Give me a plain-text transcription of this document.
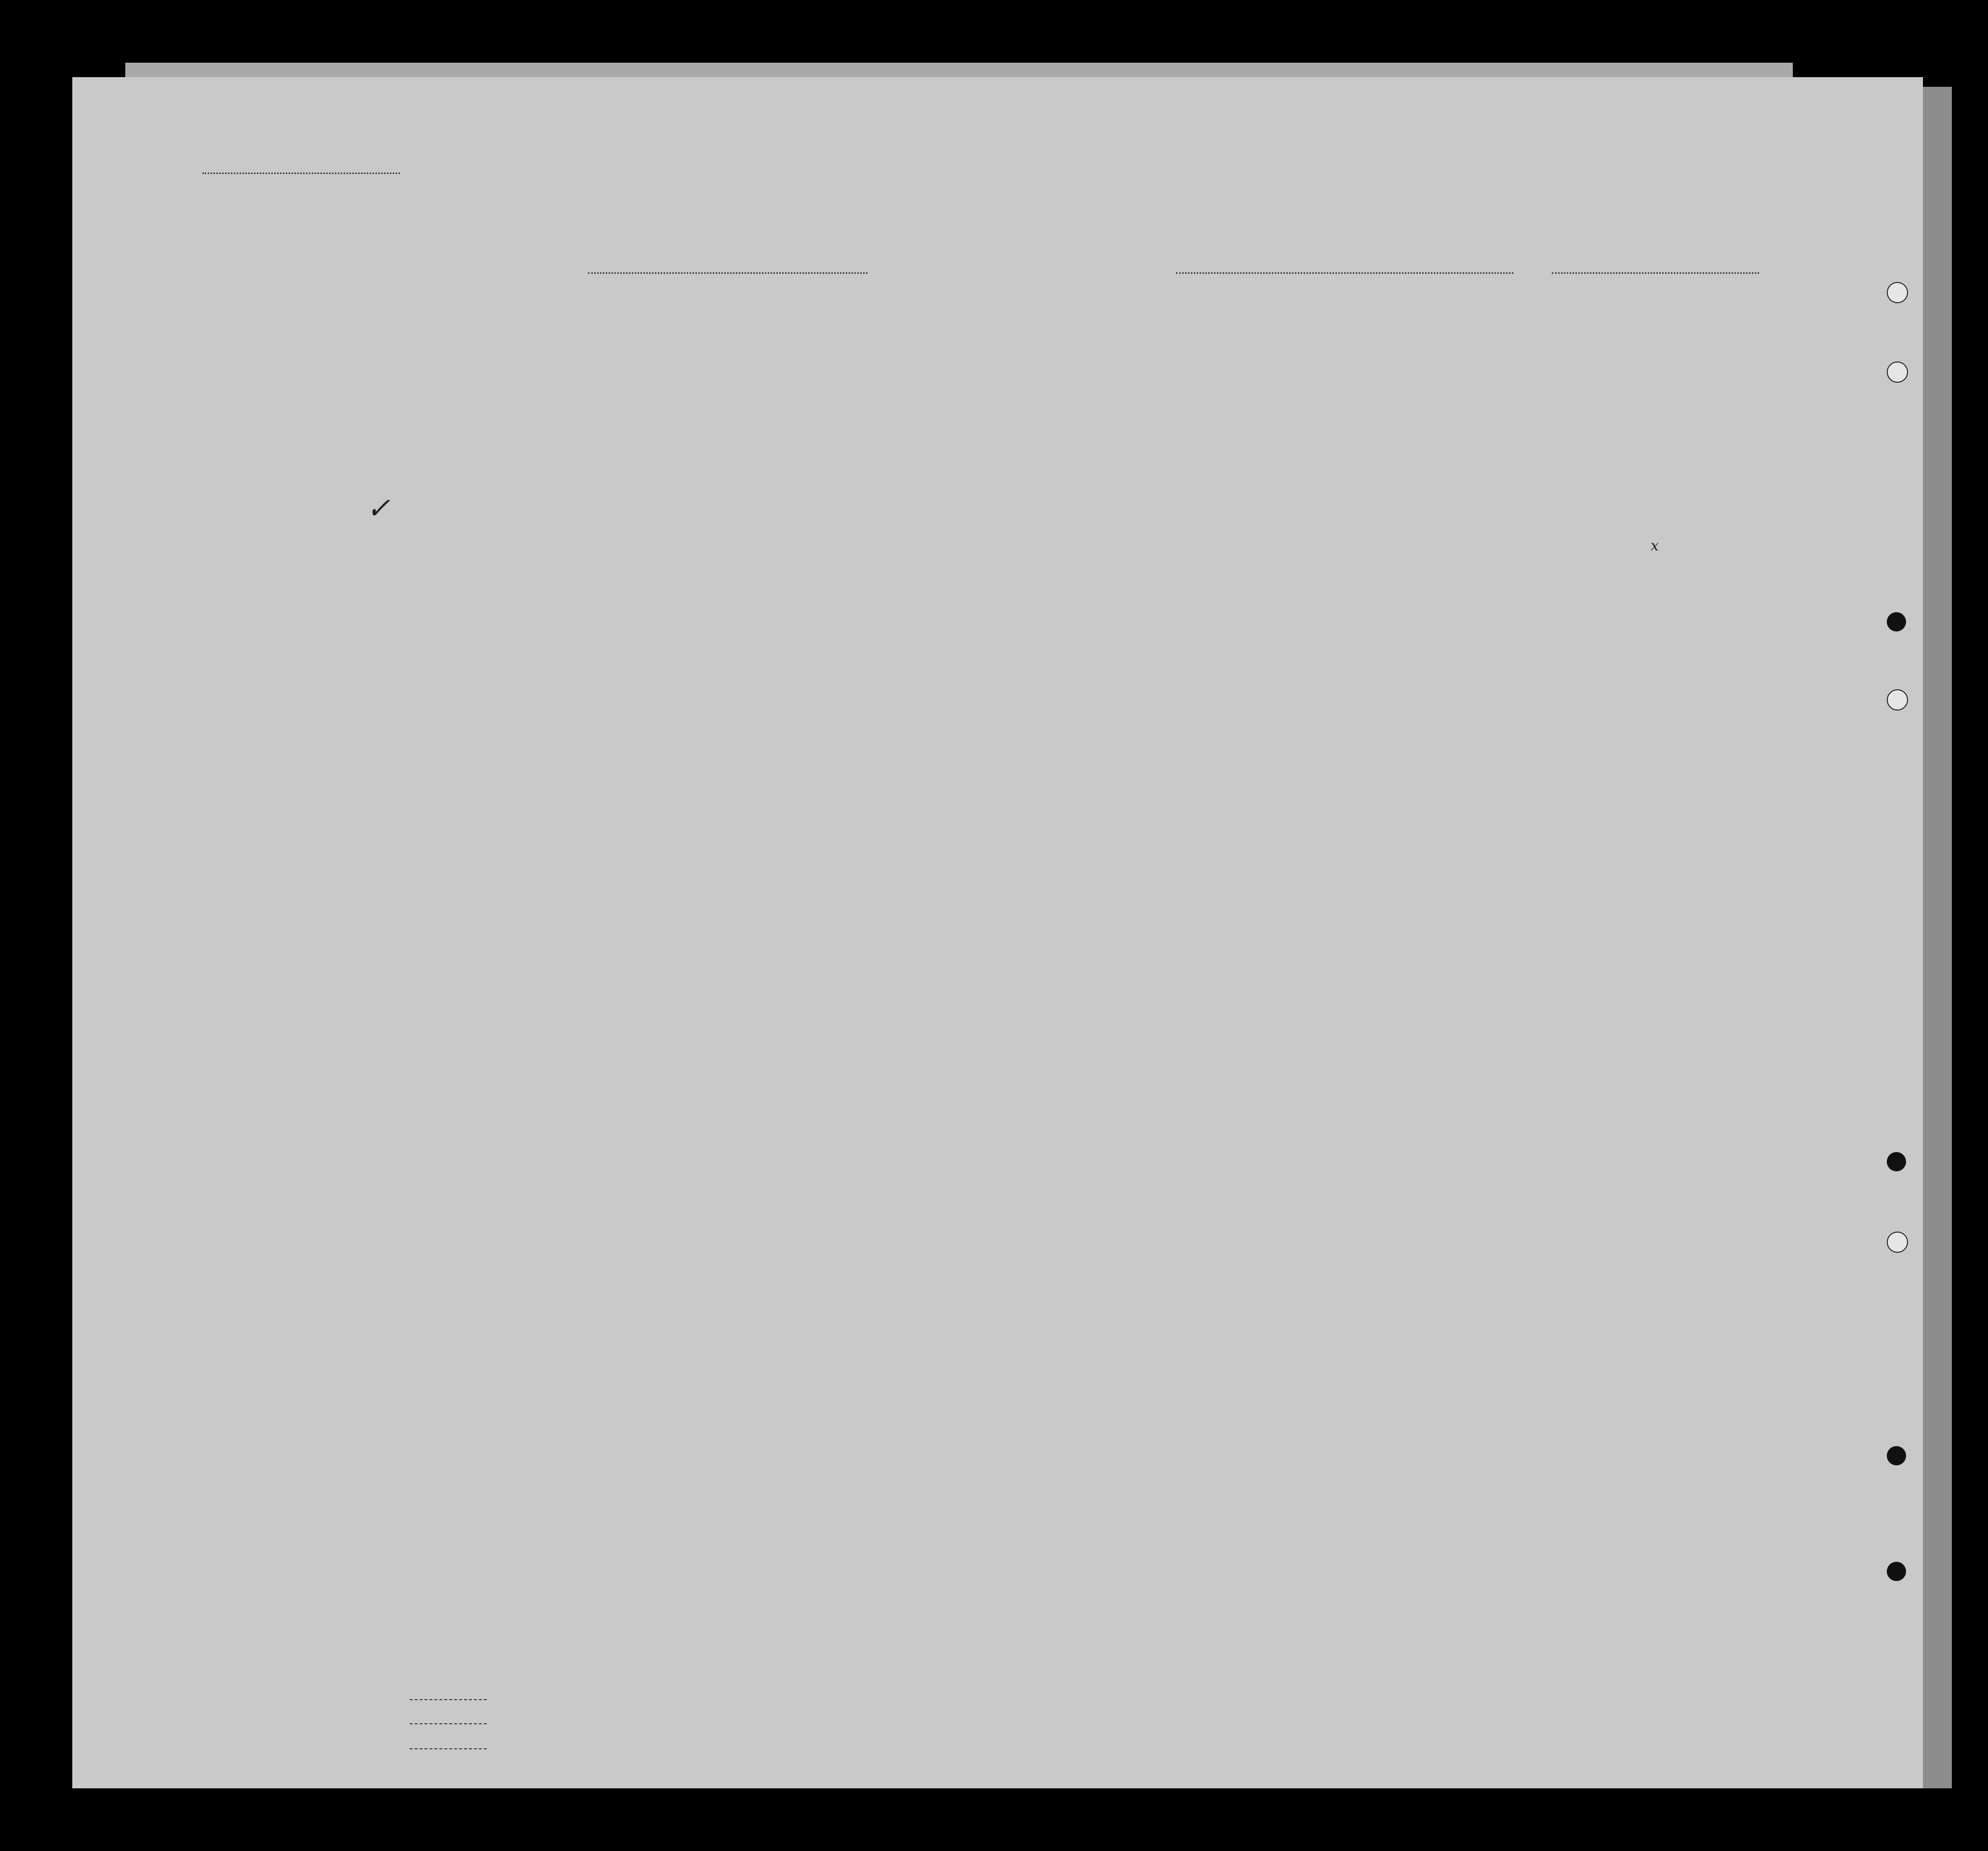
✓
x
